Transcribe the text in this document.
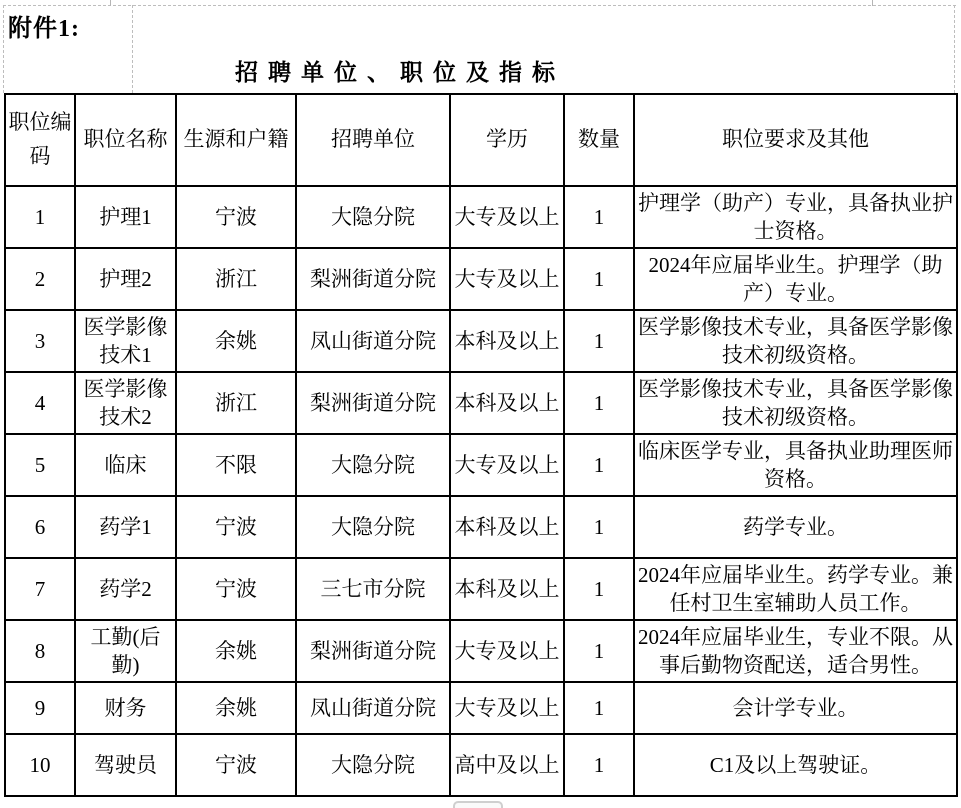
附件1:
招聘单位、职位及指标
职位编码	职位名称	生源和户籍	招聘单位	学历	数量	职位要求及其他
1	护理1	宁波	大隐分院	大专及以上	1	护理学（助产）专业，具备执业护士资格。
2	护理2	浙江	梨洲街道分院	大专及以上	1	2024年应届毕业生。护理学（助产）专业。
3	医学影像技术1	余姚	凤山街道分院	本科及以上	1	医学影像技术专业，具备医学影像技术初级资格。
4	医学影像技术2	浙江	梨洲街道分院	本科及以上	1	医学影像技术专业，具备医学影像技术初级资格。
5	临床	不限	大隐分院	大专及以上	1	临床医学专业，具备执业助理医师资格。
6	药学1	宁波	大隐分院	本科及以上	1	药学专业。
7	药学2	宁波	三七市分院	本科及以上	1	2024年应届毕业生。药学专业。兼任村卫生室辅助人员工作。
8	工勤(后勤)	余姚	梨洲街道分院	大专及以上	1	2024年应届毕业生，专业不限。从事后勤物资配送，适合男性。
9	财务	余姚	凤山街道分院	大专及以上	1	会计学专业。
10	驾驶员	宁波	大隐分院	高中及以上	1	C1及以上驾驶证。
